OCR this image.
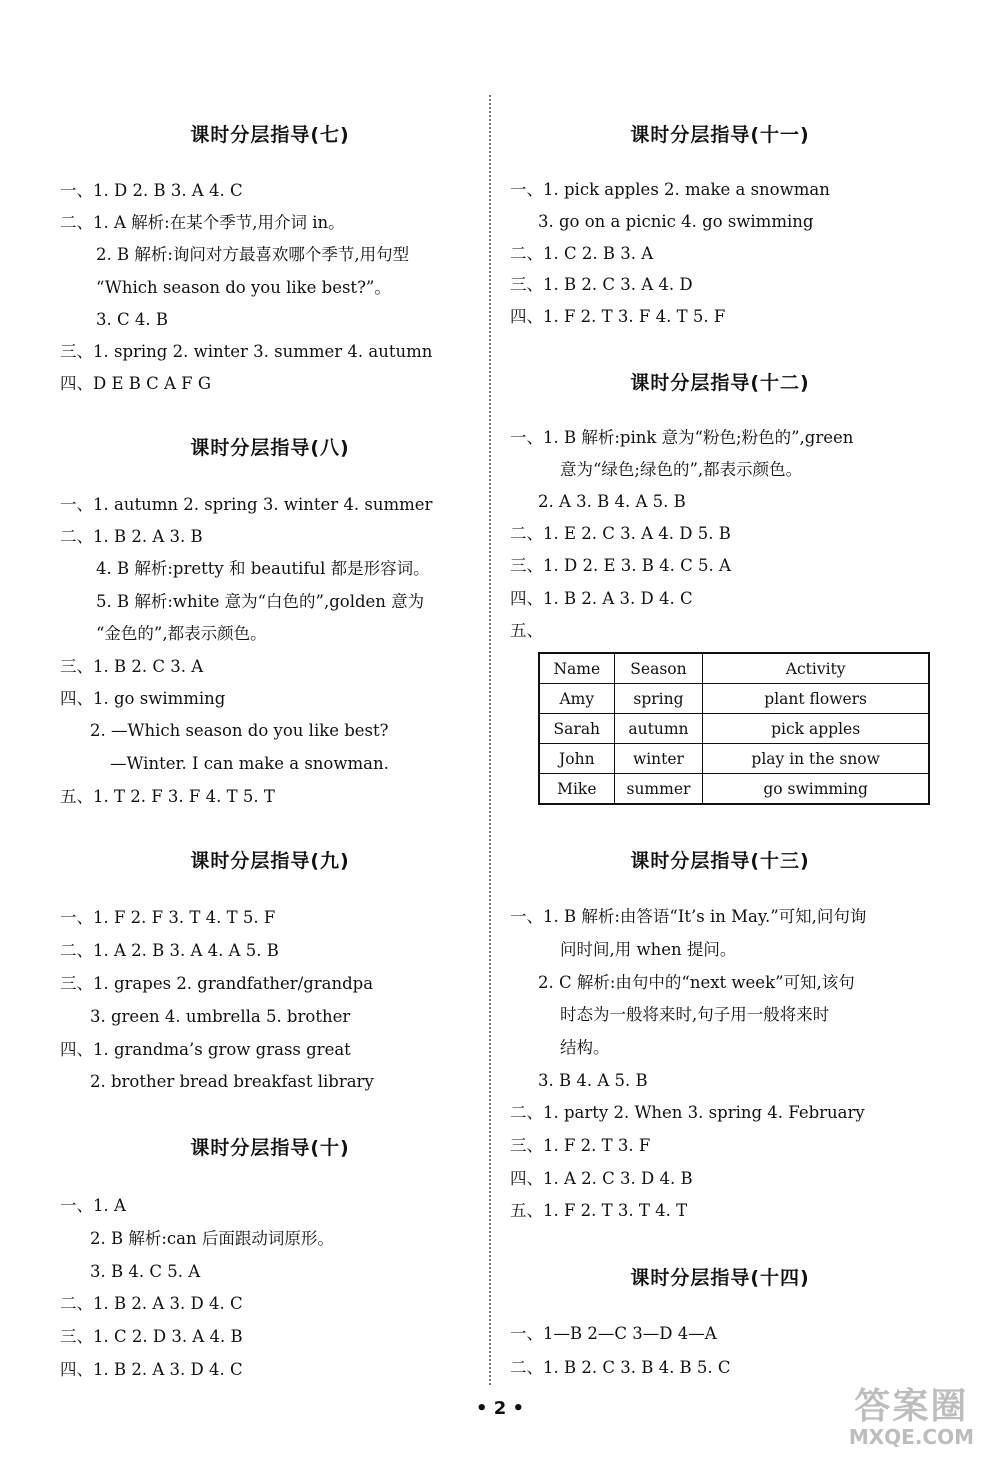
课时分层指导(七)
一、1. D 2. B 3. A 4. C
二、1. A 解析:在某个季节,用介词 in。
2. B 解析:询问对方最喜欢哪个季节,用句型
“Which season do you like best?”。
3. C 4. B
三、1. spring 2. winter 3. summer 4. autumn
四、D E B C A F G
课时分层指导(八)
一、1. autumn 2. spring 3. winter 4. summer
二、1. B 2. A 3. B
4. B 解析:pretty 和 beautiful 都是形容词。
5. B 解析:white 意为“白色的”,golden 意为
“金色的”,都表示颜色。
三、1. B 2. C 3. A
四、1. go swimming
2. —Which season do you like best?
—Winter. I can make a snowman.
五、1. T 2. F 3. F 4. T 5. T
课时分层指导(九)
一、1. F 2. F 3. T 4. T 5. F
二、1. A 2. B 3. A 4. A 5. B
三、1. grapes 2. grandfather/grandpa
3. green 4. umbrella 5. brother
四、1. grandma’s grow grass great
2. brother bread breakfast library
课时分层指导(十)
一、1. A
2. B 解析:can 后面跟动词原形。
3. B 4. C 5. A
二、1. B 2. A 3. D 4. C
三、1. C 2. D 3. A 4. B
四、1. B 2. A 3. D 4. C
课时分层指导(十一)
一、1. pick apples 2. make a snowman
3. go on a picnic 4. go swimming
二、1. C 2. B 3. A
三、1. B 2. C 3. A 4. D
四、1. F 2. T 3. F 4. T 5. F
课时分层指导(十二)
一、1. B 解析:pink 意为“粉色;粉色的”,green
意为“绿色;绿色的”,都表示颜色。
2. A 3. B 4. A 5. B
二、1. E 2. C 3. A 4. D 5. B
三、1. D 2. E 3. B 4. C 5. A
四、1. B 2. A 3. D 4. C
五、
Name	Season	Activity
Amy	spring	plant flowers
Sarah	autumn	pick apples
John	winter	play in the snow
Mike	summer	go swimming
课时分层指导(十三)
一、1. B 解析:由答语“It’s in May.”可知,问句询
问时间,用 when 提问。
2. C 解析:由句中的“next week”可知,该句
时态为一般将来时,句子用一般将来时
结构。
3. B 4. A 5. B
二、1. party 2. When 3. spring 4. February
三、1. F 2. T 3. F
四、1. A 2. C 3. D 4. B
五、1. F 2. T 3. T 4. T
课时分层指导(十四)
一、1—B 2—C 3—D 4—A
二、1. B 2. C 3. B 4. B 5. C
• 2 •	答案圈
MXQE.COM
